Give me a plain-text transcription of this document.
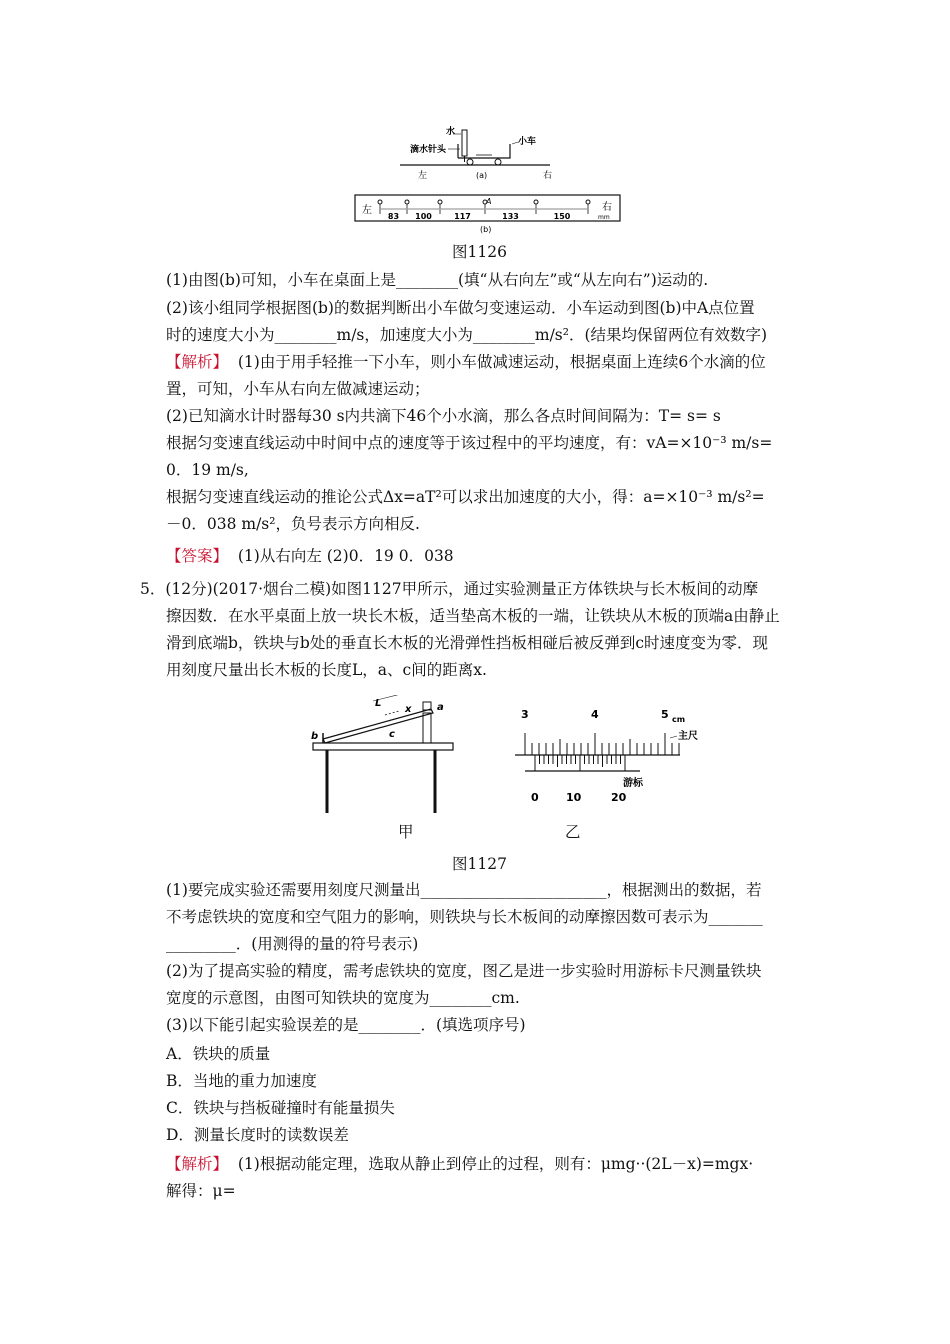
水
滴水针头
小车
左	右
(a)
左	右
mm
A
(b)
83 100	117	133	150
图1126
(1)由图(b)可知，小车在桌面上是________(填“从右向左”或“从左向右”)运动的.
(2)该小组同学根据图(b)的数据判断出小车做匀变速运动．小车运动到图(b)中A点位置
时的速度大小为________m/s，加速度大小为________m/s²．(结果均保留两位有效数字)
【解析】 (1)由于用手轻推一下小车，则小车做减速运动，根据桌面上连续6个水滴的位
置，可知，小车从右向左做减速运动；
(2)已知滴水计时器每30 s内共滴下46个小水滴，那么各点时间间隔为：T= s= s
根据匀变速直线运动中时间中点的速度等于该过程中的平均速度，有：vA=×10⁻³ m/s=
0．19 m/s,
根据匀变速直线运动的推论公式Δx=aT²可以求出加速度的大小，得：a=×10⁻³ m/s²=
－0．038 m/s²，负号表示方向相反.
【答案】 (1)从右向左 (2)0．19 0．038
5．(12分)(2017·烟台二模)如图1127甲所示，通过实验测量正方体铁块与长木板间的动摩
擦因数．在水平桌面上放一块长木板，适当垫高木板的一端，让铁块从木板的顶端a由静止
滑到底端b，铁块与b处的垂直长木板的光滑弹性挡板相碰后被反弹到c时速度变为零．现
用刻度尺量出长木板的长度L，a、c间的距离x.
L
x	a
b	c
甲
3	4	5 cm
主尺
0 10	20
游标
乙
图1127
(1)要完成实验还需要用刻度尺测量出________________________，根据测出的数据，若
不考虑铁块的宽度和空气阻力的影响，则铁块与长木板间的动摩擦因数可表示为_______
_________．(用测得的量的符号表示)
(2)为了提高实验的精度，需考虑铁块的宽度，图乙是进一步实验时用游标卡尺测量铁块
宽度的示意图，由图可知铁块的宽度为________cm.
(3)以下能引起实验误差的是________．(填选项序号)
A．铁块的质量
B．当地的重力加速度
C．铁块与挡板碰撞时有能量损失
D．测量长度时的读数误差
【解析】 (1)根据动能定理，选取从静止到停止的过程，则有：μmg··(2L－x)=mgx·
解得：μ=
